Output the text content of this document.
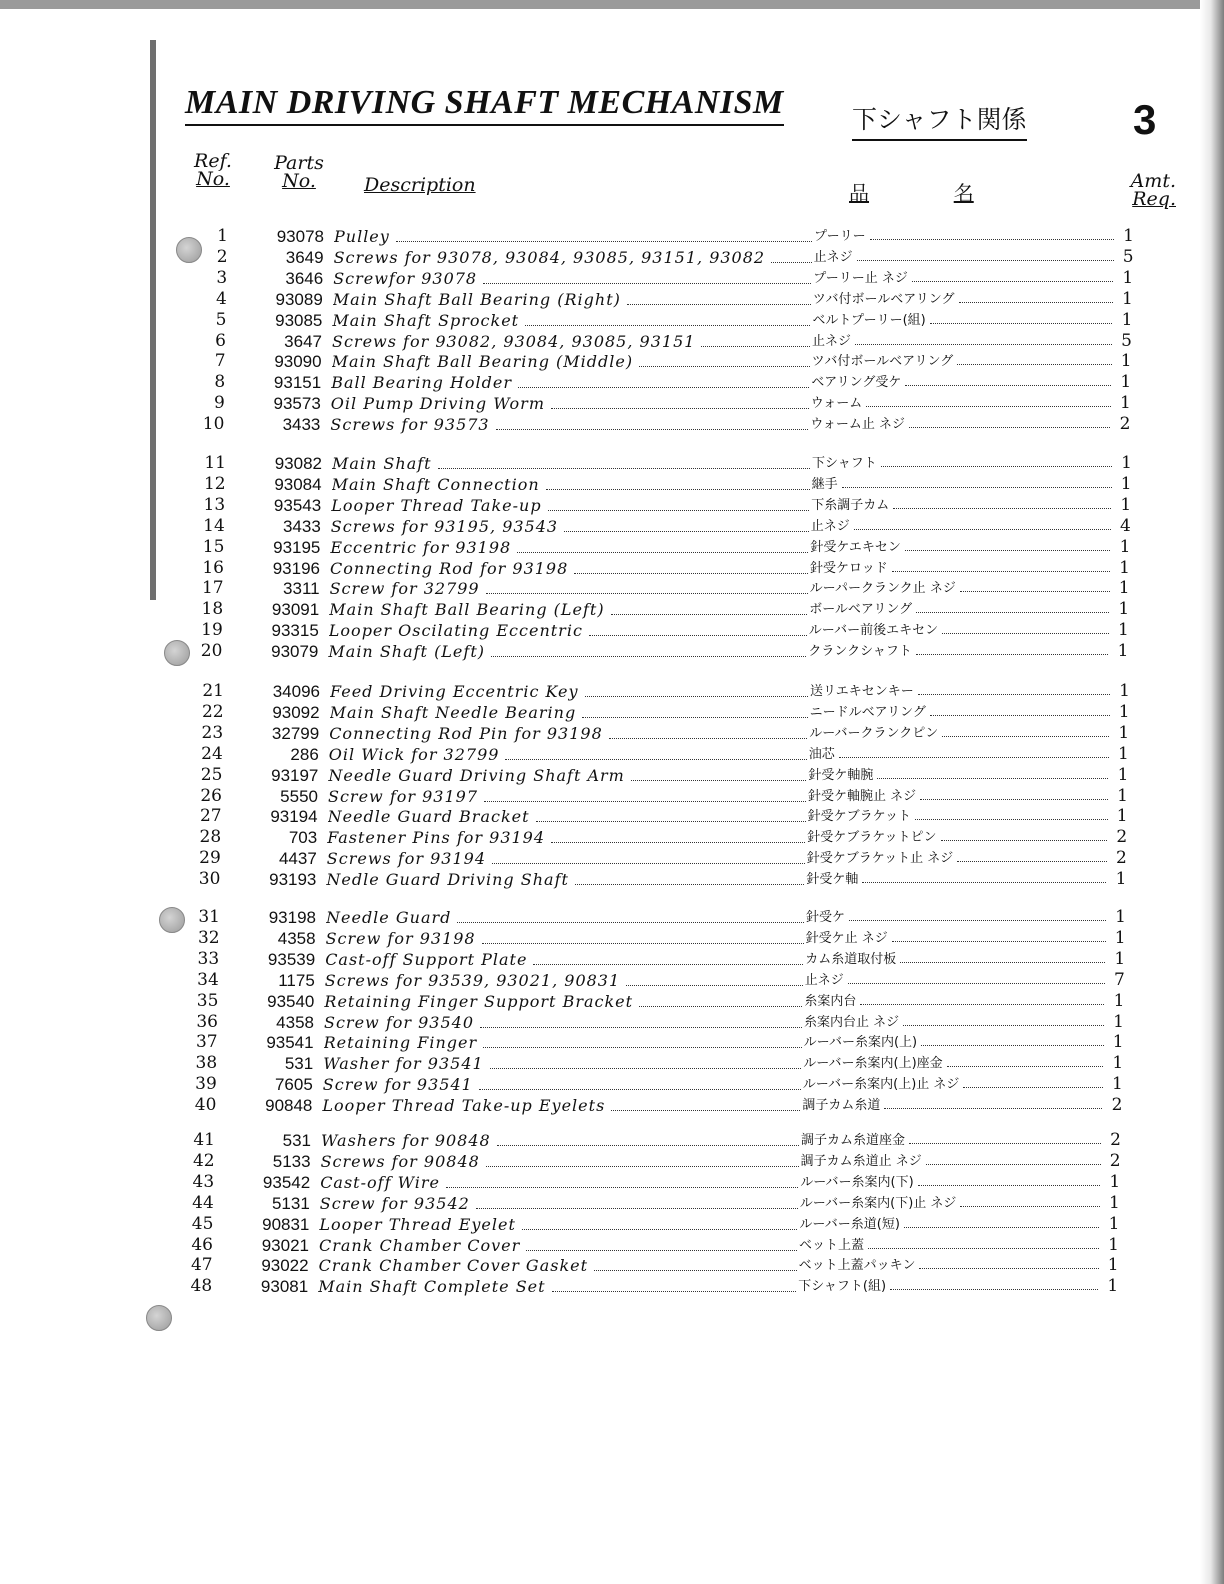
MAIN DRIVING SHAFT MECHANISM	下シャフト関係	3
Ref.
No.
Parts
No.	Description	品	名	Amt.
Req.
1	93078 Pulley	プーリー	1
2	3649 Screws for 93078, 93084, 93085, 93151, 93082	止ネジ	5
3	3646 Screwfor 93078	プーリー止 ネジ	1
4	93089 Main Shaft Ball Bearing (Right)	ツバ付ボールベアリング	1
5	93085 Main Shaft Sprocket	ベルトプーリー(組)	1
6	3647 Screws for 93082, 93084, 93085, 93151	止ネジ	5
7	93090 Main Shaft Ball Bearing (Middle)	ツバ付ボールベアリング	1
8	93151 Ball Bearing Holder	ベアリング受ケ	1
9	93573 Oil Pump Driving Worm	ウォーム	1
10	3433 Screws for 93573	ウォーム止 ネジ	2
11	93082 Main Shaft	下シャフト	1
12	93084 Main Shaft Connection	継手	1
13	93543 Looper Thread Take-up	下糸調子カム	1
14	3433 Screws for 93195, 93543	止ネジ	4
15	93195 Eccentric for 93198	針受ケエキセン	1
16	93196 Connecting Rod for 93198	針受ケロッド	1
17	3311 Screw for 32799	ルーパークランク止 ネジ	1
18	93091 Main Shaft Ball Bearing (Left)	ボールベアリング	1
19	93315 Looper Oscilating Eccentric	ルーバー前後エキセン	1
20	93079 Main Shaft (Left)	クランクシャフト	1
21	34096 Feed Driving Eccentric Key	送リエキセンキー	1
22	93092 Main Shaft Needle Bearing	ニードルベアリング	1
23	32799 Connecting Rod Pin for 93198	ルーバークランクピン	1
24	286 Oil Wick for 32799	油芯	1
25	93197 Needle Guard Driving Shaft Arm	針受ケ軸腕	1
26	5550 Screw for 93197	針受ケ軸腕止 ネジ	1
27	93194 Needle Guard Bracket	針受ケブラケット	1
28	703 Fastener Pins for 93194	針受ケブラケットピン	2
29	4437 Screws for 93194	針受ケブラケット止 ネジ	2
30	93193 Nedle Guard Driving Shaft	針受ケ軸	1
31	93198 Needle Guard	針受ケ	1
32	4358 Screw for 93198	針受ケ止 ネジ	1
33	93539 Cast-off Support Plate	カム糸道取付板	1
34	1175 Screws for 93539, 93021, 90831	止ネジ	7
35	93540 Retaining Finger Support Bracket	糸案内台	1
36	4358 Screw for 93540	糸案内台止 ネジ	1
37	93541 Retaining Finger	ルーバー糸案内(上)	1
38	531 Washer for 93541	ルーバー糸案内(上)座金	1
39	7605 Screw for 93541	ルーバー糸案内(上)止 ネジ	1
40	90848 Looper Thread Take-up Eyelets	調子カム糸道	2
41	531 Washers for 90848	調子カム糸道座金	2
42	5133 Screws for 90848	調子カム糸道止 ネジ	2
43	93542 Cast-off Wire	ルーバー糸案内(下)	1
44	5131 Screw for 93542	ルーバー糸案内(下)止 ネジ	1
45	90831 Looper Thread Eyelet	ルーバー糸道(短)	1
46	93021 Crank Chamber Cover	ベット上蓋	1
47	93022 Crank Chamber Cover Gasket	ベット上蓋パッキン	1
48	93081 Main Shaft Complete Set	下シャフト(組)	1
